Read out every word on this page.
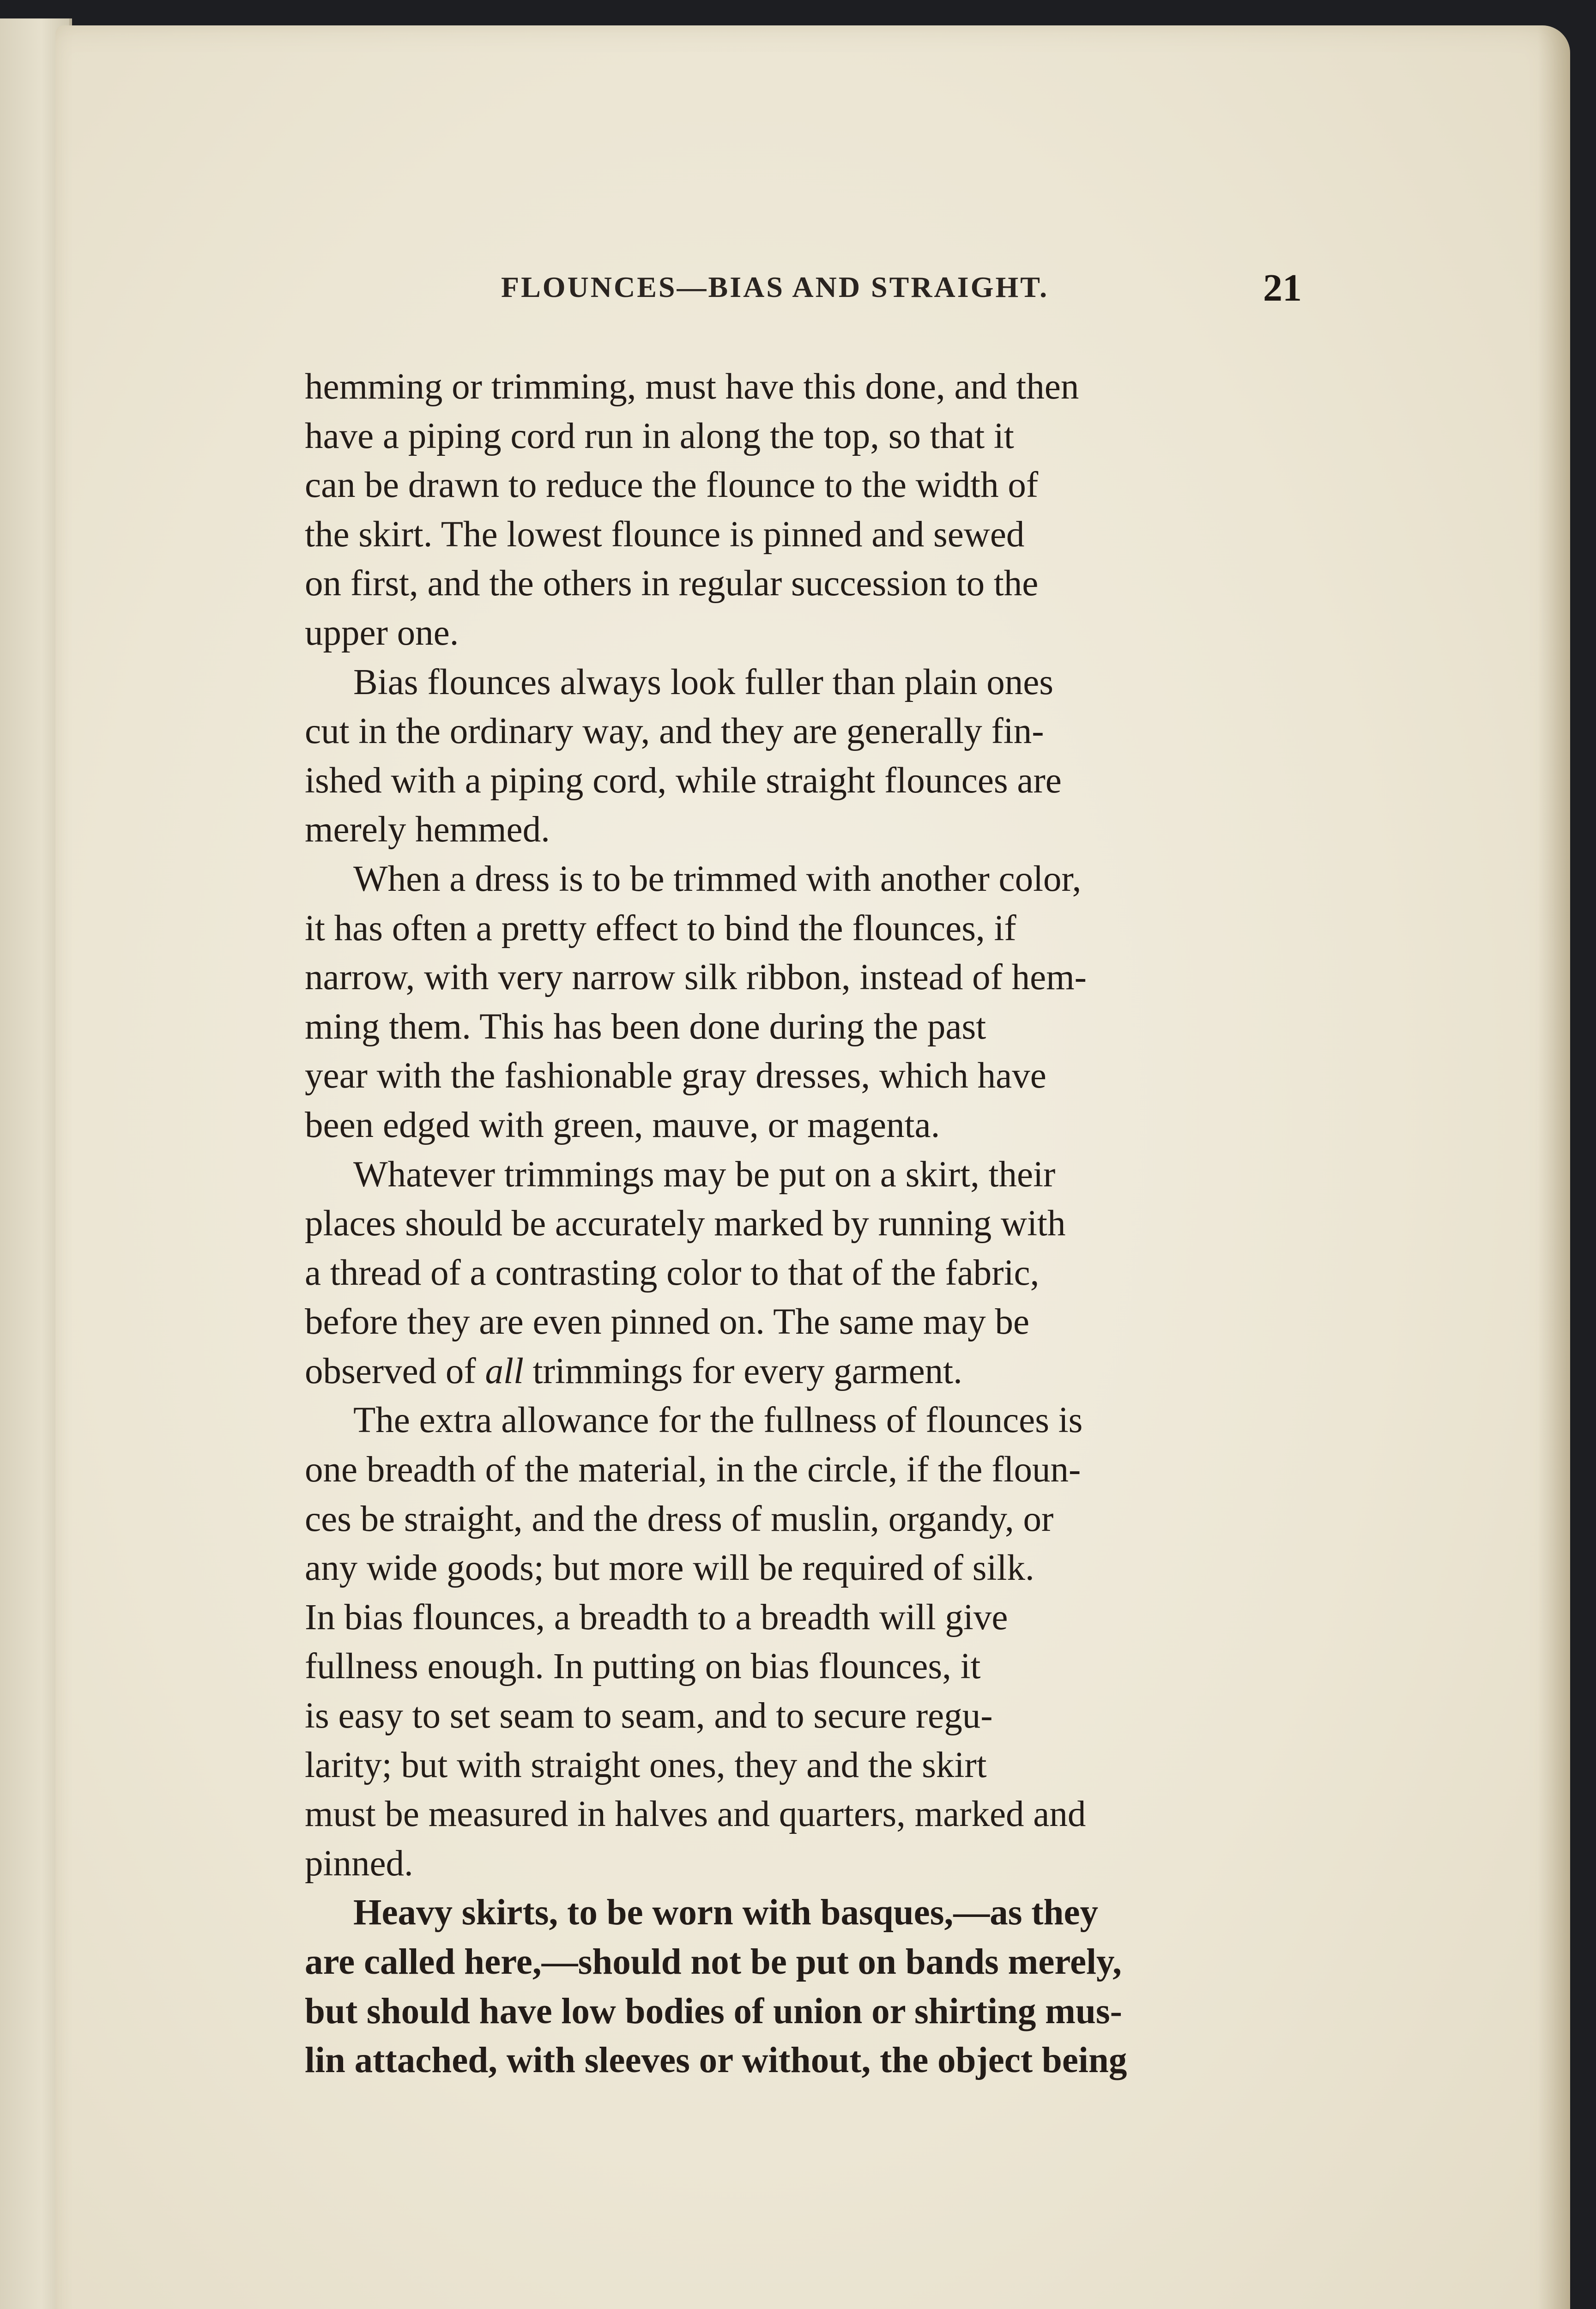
FLOUNCES—BIAS AND STRAIGHT.	21
hemming or trimming, must have this done, and then
have a piping cord run in along the top, so that it
can be drawn to reduce the flounce to the width of
the skirt. The lowest flounce is pinned and sewed
on first, and the others in regular succession to the
upper one.
Bias flounces always look fuller than plain ones
cut in the ordinary way, and they are generally fin-
ished with a piping cord, while straight flounces are
merely hemmed.
When a dress is to be trimmed with another color,
it has often a pretty effect to bind the flounces, if
narrow, with very narrow silk ribbon, instead of hem-
ming them. This has been done during the past
year with the fashionable gray dresses, which have
been edged with green, mauve, or magenta.
Whatever trimmings may be put on a skirt, their
places should be accurately marked by running with
a thread of a contrasting color to that of the fabric,
before they are even pinned on. The same may be
observed of all trimmings for every garment.
The extra allowance for the fullness of flounces is
one breadth of the material, in the circle, if the floun-
ces be straight, and the dress of muslin, organdy, or
any wide goods; but more will be required of silk.
In bias flounces, a breadth to a breadth will give
fullness enough. In putting on bias flounces, it
is easy to set seam to seam, and to secure regu-
larity; but with straight ones, they and the skirt
must be measured in halves and quarters, marked and
pinned.
Heavy skirts, to be worn with basques,—as they
are called here,—should not be put on bands merely,
but should have low bodies of union or shirting mus-
lin attached, with sleeves or without, the object being
